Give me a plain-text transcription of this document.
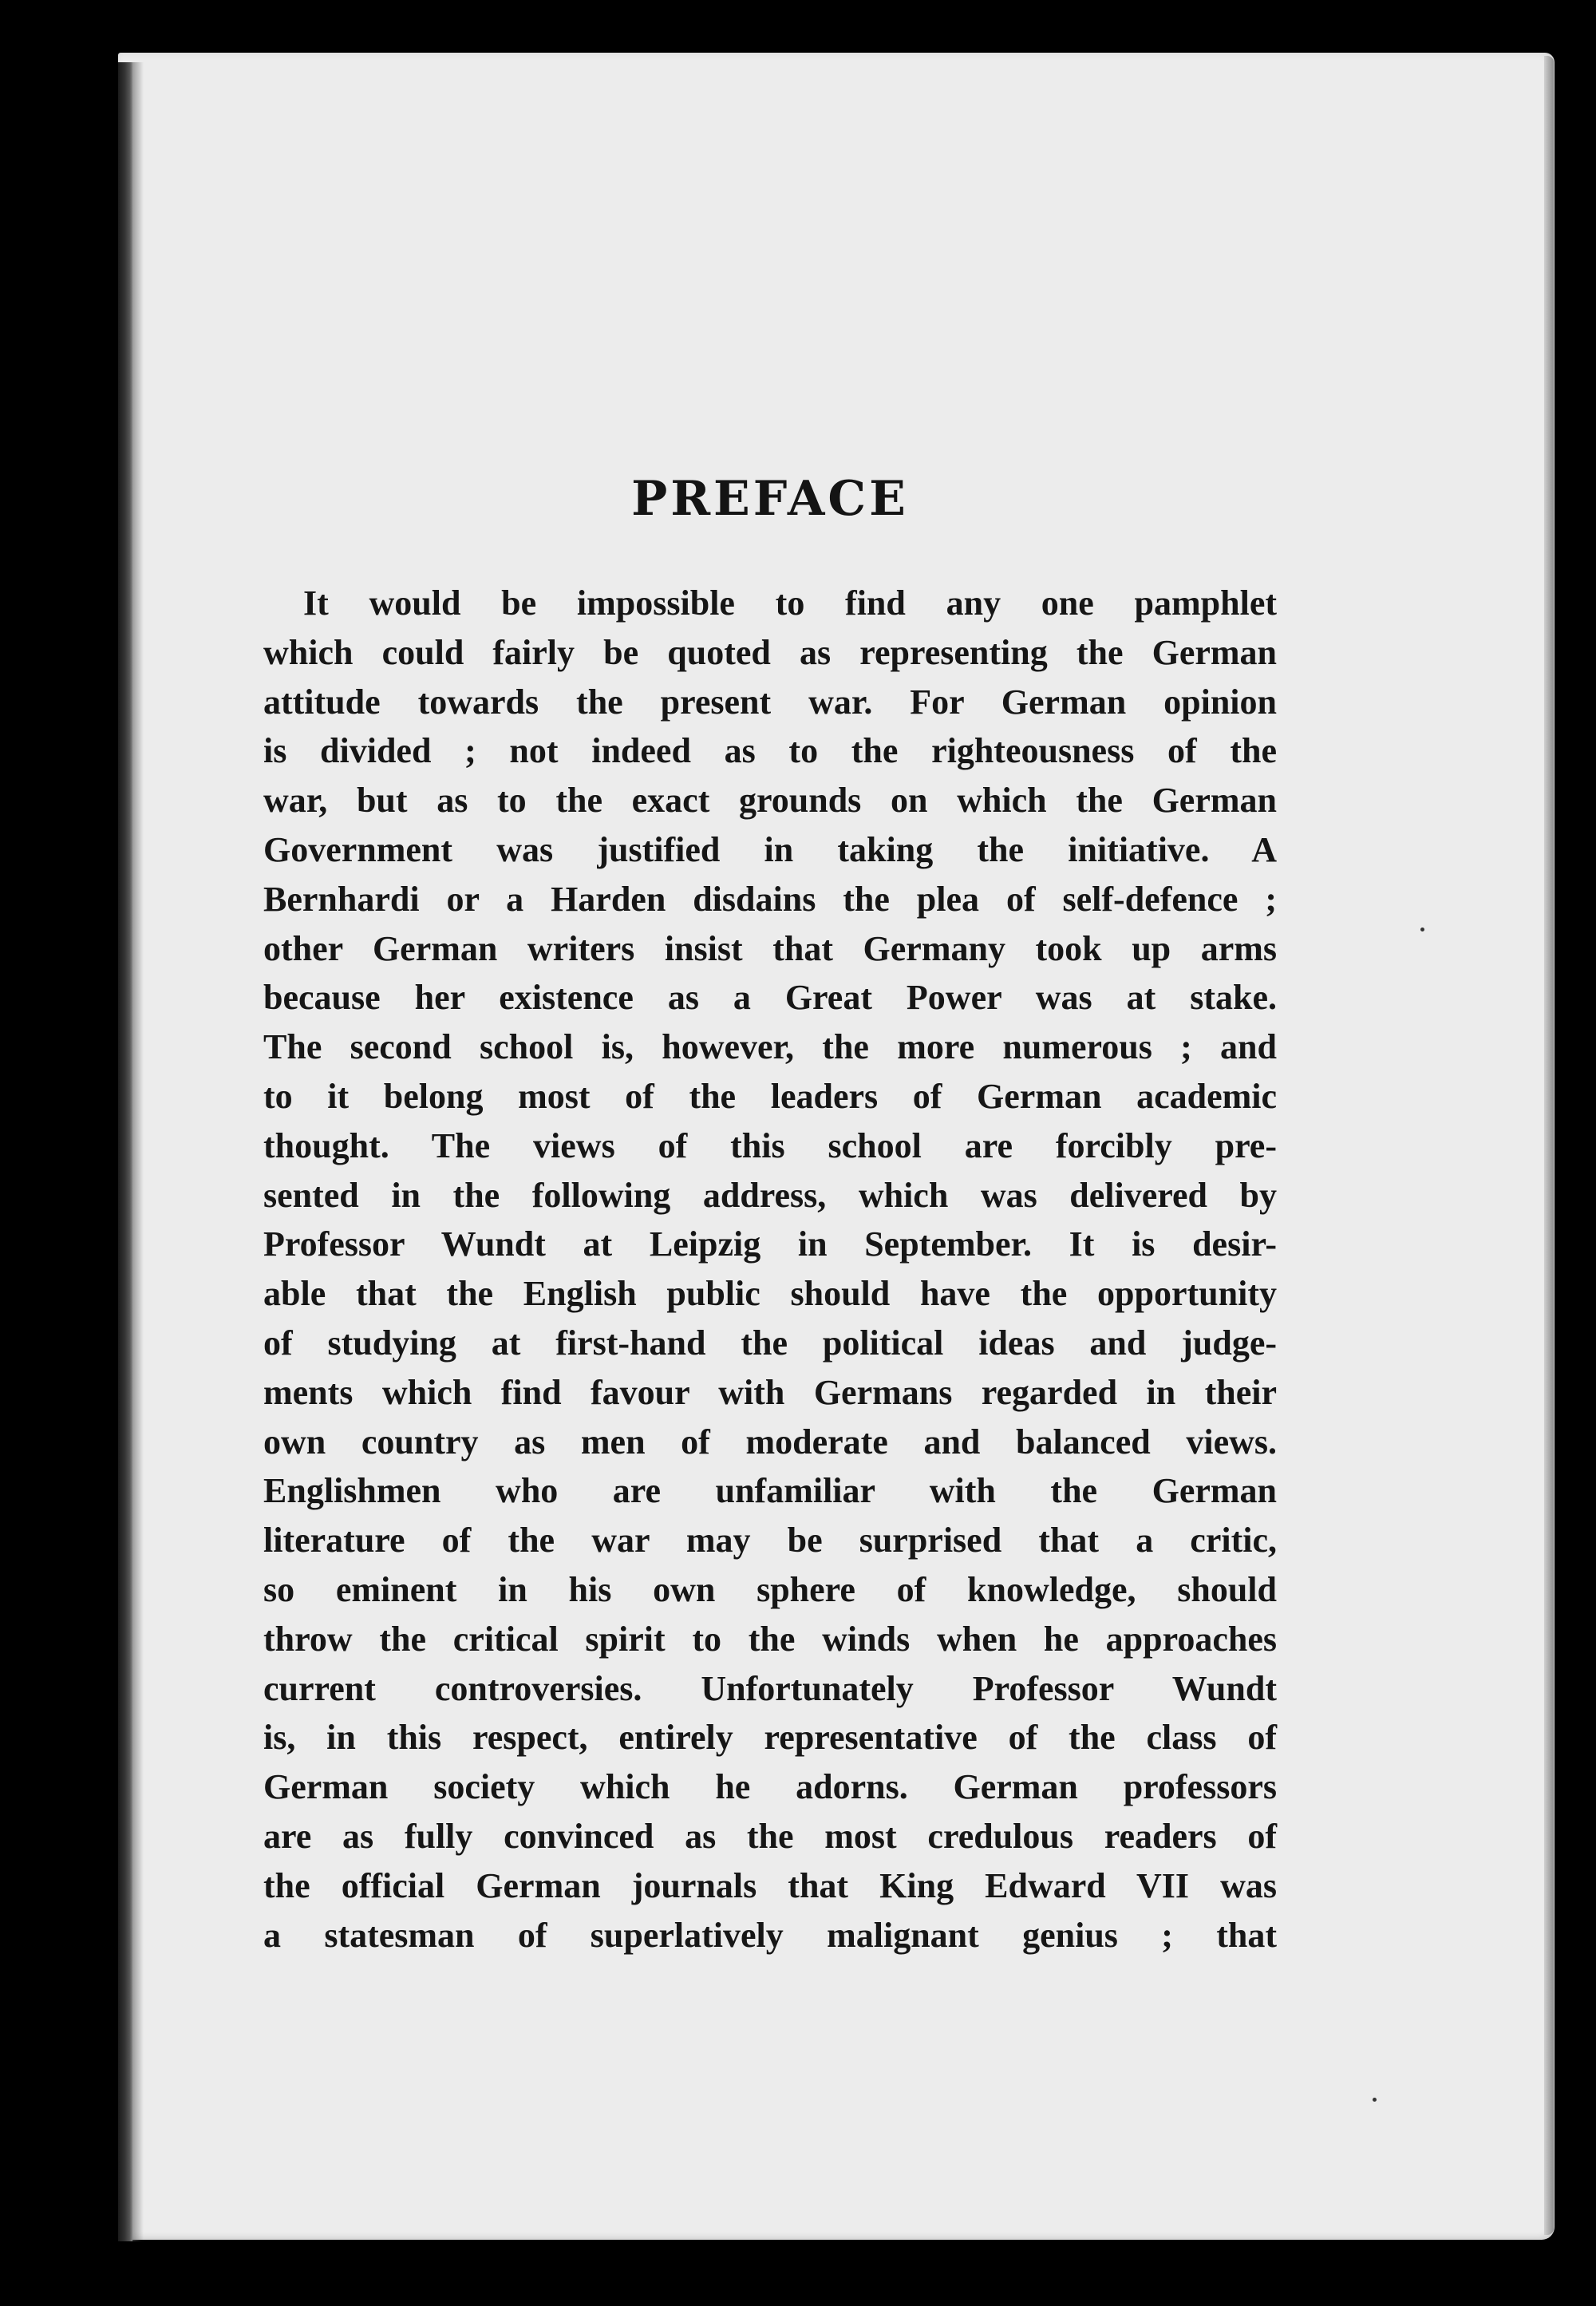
PREFACE
It would be impossible to find any one pamphlet
which could fairly be quoted as representing the German
attitude towards the present war. For German opinion
is divided ; not indeed as to the righteousness of the
war, but as to the exact grounds on which the German
Government was justified in taking the initiative. A
Bernhardi or a Harden disdains the plea of self-defence ;
other German writers insist that Germany took up arms
because her existence as a Great Power was at stake.
The second school is, however, the more numerous ; and
to it belong most of the leaders of German academic
thought. The views of this school are forcibly pre-
sented in the following address, which was delivered by
Professor Wundt at Leipzig in September. It is desir-
able that the English public should have the opportunity
of studying at first-hand the political ideas and judge-
ments which find favour with Germans regarded in their
own country as men of moderate and balanced views.
Englishmen who are unfamiliar with the German
literature of the war may be surprised that a critic,
so eminent in his own sphere of knowledge, should
throw the critical spirit to the winds when he approaches
current controversies. Unfortunately Professor Wundt
is, in this respect, entirely representative of the class of
German society which he adorns. German professors
are as fully convinced as the most credulous readers of
the official German journals that King Edward VII was
a statesman of superlatively malignant genius ; that
